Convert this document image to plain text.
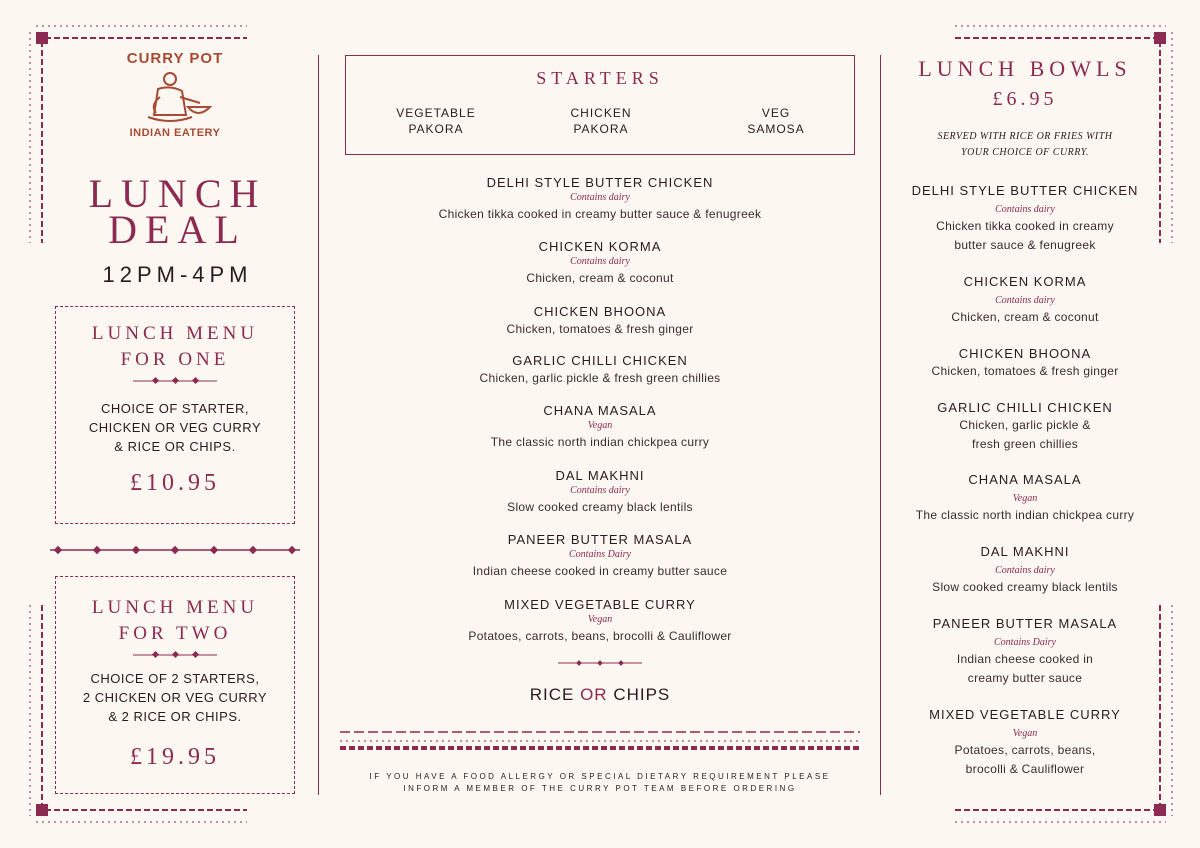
CURRY POT
INDIAN EATERY
LUNCH
DEAL
12PM-4PM
LUNCH MENU
FOR ONE
CHOICE OF STARTER,
CHICKEN OR VEG CURRY
& RICE OR CHIPS.
£10.95
LUNCH MENU
FOR TWO
CHOICE OF 2 STARTERS,
2 CHICKEN OR VEG CURRY
& 2 RICE OR CHIPS.
£19.95
STARTERS
VEGETABLE
PAKORA
CHICKEN
PAKORA
VEG
SAMOSA
DELHI STYLE BUTTER CHICKEN
Contains dairy
Chicken tikka cooked in creamy butter sauce & fenugreek
CHICKEN KORMA
Contains dairy
Chicken, cream & coconut
CHICKEN BHOONA
Chicken, tomatoes & fresh ginger
GARLIC CHILLI CHICKEN
Chicken, garlic pickle & fresh green chillies
CHANA MASALA
Vegan
The classic north indian chickpea curry
DAL MAKHNI
Contains dairy
Slow cooked creamy black lentils
PANEER BUTTER MASALA
Contains Dairy
Indian cheese cooked in creamy butter sauce
MIXED VEGETABLE CURRY
Vegan
Potatoes, carrots, beans, brocolli & Cauliflower
RICE OR CHIPS
IF YOU HAVE A FOOD ALLERGY OR SPECIAL DIETARY REQUIREMENT PLEASE
INFORM A MEMBER OF THE CURRY POT TEAM BEFORE ORDERING
LUNCH BOWLS
£6.95
SERVED WITH RICE OR FRIES WITH
YOUR CHOICE OF CURRY.
DELHI STYLE BUTTER CHICKEN
Contains dairy
Chicken tikka cooked in creamy
butter sauce & fenugreek
CHICKEN KORMA
Contains dairy
Chicken, cream & coconut
CHICKEN BHOONA
Chicken, tomatoes & fresh ginger
GARLIC CHILLI CHICKEN
Chicken, garlic pickle &
fresh green chillies
CHANA MASALA
Vegan
The classic north indian chickpea curry
DAL MAKHNI
Contains dairy
Slow cooked creamy black lentils
PANEER BUTTER MASALA
Contains Dairy
Indian cheese cooked in
creamy butter sauce
MIXED VEGETABLE CURRY
Vegan
Potatoes, carrots, beans,
brocolli & Cauliflower
